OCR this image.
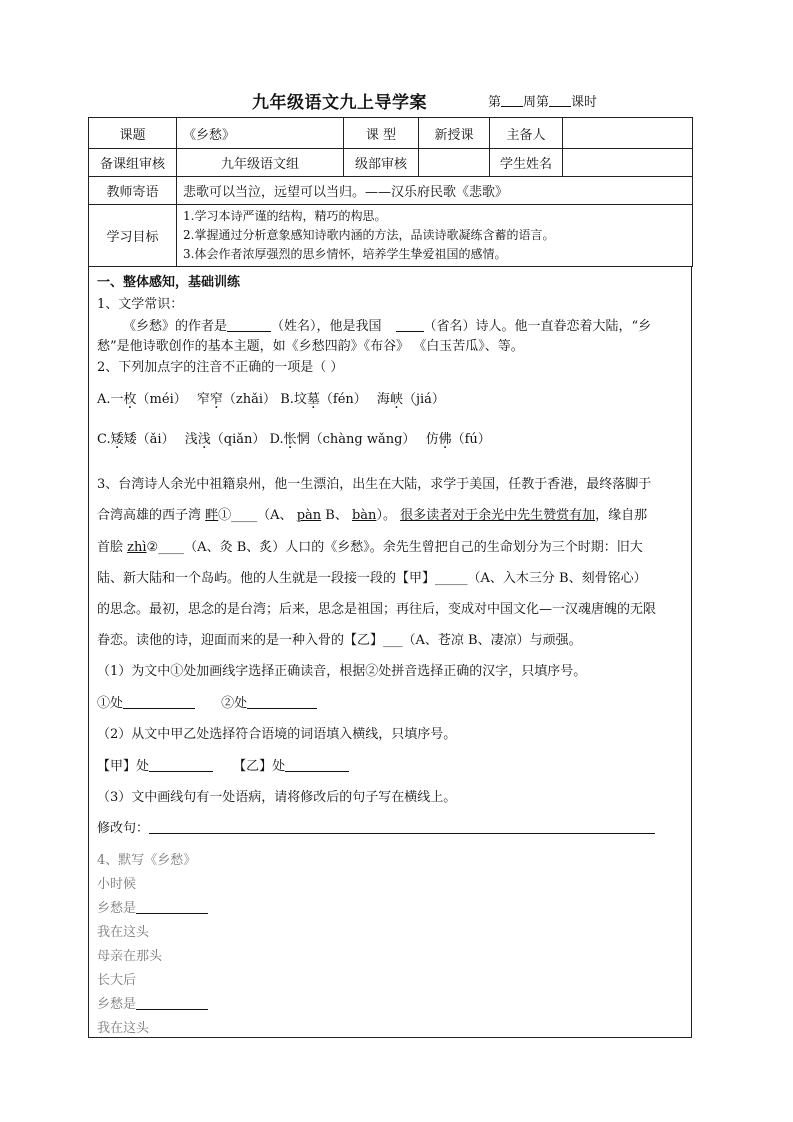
九年级语文九上导学案	第 周第 课时
课题	《乡愁》	课 型	新授课	主备人	
备课组审核	九年级语文组	级部审核		学生姓名	
教师寄语	悲歌可以当泣，远望可以当归。——汉乐府民歌《悲歌》				
学习目标	1.学习本诗严谨的结构，精巧的构思。
2.掌握通过分析意象感知诗歌内涵的方法，品读诗歌凝练含蓄的语言。
3.体会作者浓厚强烈的思乡情怀，培养学生挚爱祖国的感情。				
一、整体感知，基础训练
1、文学常识：
《乡愁》的作者是	（姓名），他是我国	（省名）诗人。他一直眷恋着大陆，“乡
愁”是他诗歌创作的基本主题，如《乡愁四韵》《布谷》 《白玉苦瓜》、等。
2、下列加点字的注音不正确的一项是（ ）
A.一枚（méi） 窄窄（zhǎi） B.坟墓（fén） 海峡（jiá）
C.矮矮（ǎi） 浅浅（qiǎn） D.怅惘（chàng wǎng） 仿佛（fú）
3、台湾诗人余光中祖籍泉州，他一生漂泊，出生在大陆，求学于美国，任教于香港，最终落脚于
合湾高雄的西子湾 畔①____（A、 pàn B、 bàn）。 很多读者对于余光中先生赞赏有加，缘自那
首脍 zhì②____（A、灸 B、炙）人口的《乡愁》。余先生曾把自己的生命划分为三个时期：旧大
陆、新大陆和一个岛屿。他的人生就是一段接一段的【甲】_____（A、入木三分 B、刻骨铭心）
的思念。最初，思念的是台湾；后来，思念是祖国；再往后，变成对中国文化—一汉魂唐魄的无限
眷恋。读他的诗，迎面而来的是一种入骨的【乙】___（A、苍凉 B、凄凉）与顽强。
（1）为文中①处加画线字选择正确读音，根据②处拼音选择正确的汉字，只填序号。
①处	②处
（2）从文中甲乙处选择符合语境的词语填入横线，只填序号。
【甲】处	【乙】处
（3）文中画线句有一处语病，请将修改后的句子写在横线上。
修改句：
4、默写《乡愁》
小时候
乡愁是
我在这头
母亲在那头
长大后
乡愁是
我在这头
